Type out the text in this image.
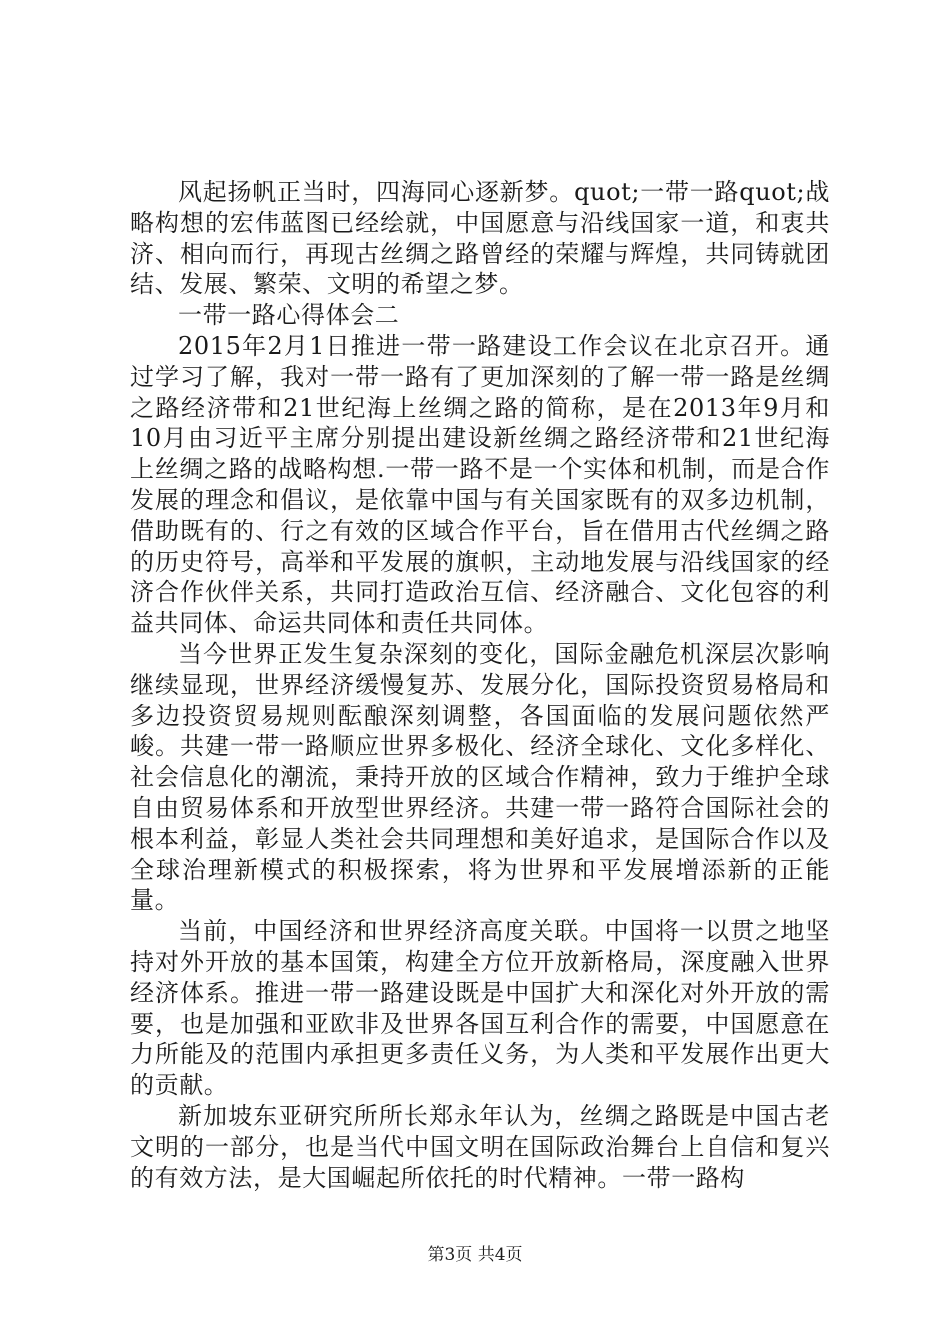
风起扬帆正当时，四海同心逐新梦。quot;一带一路quot;战略构想的宏伟蓝图已经绘就，中国愿意与沿线国家一道，和衷共济、相向而行，再现古丝绸之路曾经的荣耀与辉煌，共同铸就团结、发展、繁荣、文明的希望之梦。

一带一路心得体会二

2015年2月1日推进一带一路建设工作会议在北京召开。通过学习了解，我对一带一路有了更加深刻的了解一带一路是丝绸之路经济带和21世纪海上丝绸之路的简称，是在2013年9月和10月由习近平主席分别提出建设新丝绸之路经济带和21世纪海上丝绸之路的战略构想.一带一路不是一个实体和机制，而是合作发展的理念和倡议，是依靠中国与有关国家既有的双多边机制，借助既有的、行之有效的区域合作平台，旨在借用古代丝绸之路的历史符号，高举和平发展的旗帜，主动地发展与沿线国家的经济合作伙伴关系，共同打造政治互信、经济融合、文化包容的利益共同体、命运共同体和责任共同体。

当今世界正发生复杂深刻的变化，国际金融危机深层次影响继续显现，世界经济缓慢复苏、发展分化，国际投资贸易格局和多边投资贸易规则酝酿深刻调整，各国面临的发展问题依然严峻。共建一带一路顺应世界多极化、经济全球化、文化多样化、社会信息化的潮流，秉持开放的区域合作精神，致力于维护全球自由贸易体系和开放型世界经济。共建一带一路符合国际社会的根本利益，彰显人类社会共同理想和美好追求，是国际合作以及全球治理新模式的积极探索，将为世界和平发展增添新的正能量。

当前，中国经济和世界经济高度关联。中国将一以贯之地坚持对外开放的基本国策，构建全方位开放新格局，深度融入世界经济体系。推进一带一路建设既是中国扩大和深化对外开放的需要，也是加强和亚欧非及世界各国互利合作的需要，中国愿意在力所能及的范围内承担更多责任义务，为人类和平发展作出更大的贡献。

新加坡东亚研究所所长郑永年认为，丝绸之路既是中国古老文明的一部分，也是当代中国文明在国际政治舞台上自信和复兴的有效方法，是大国崛起所依托的时代精神。一带一路构

第3页 共4页
